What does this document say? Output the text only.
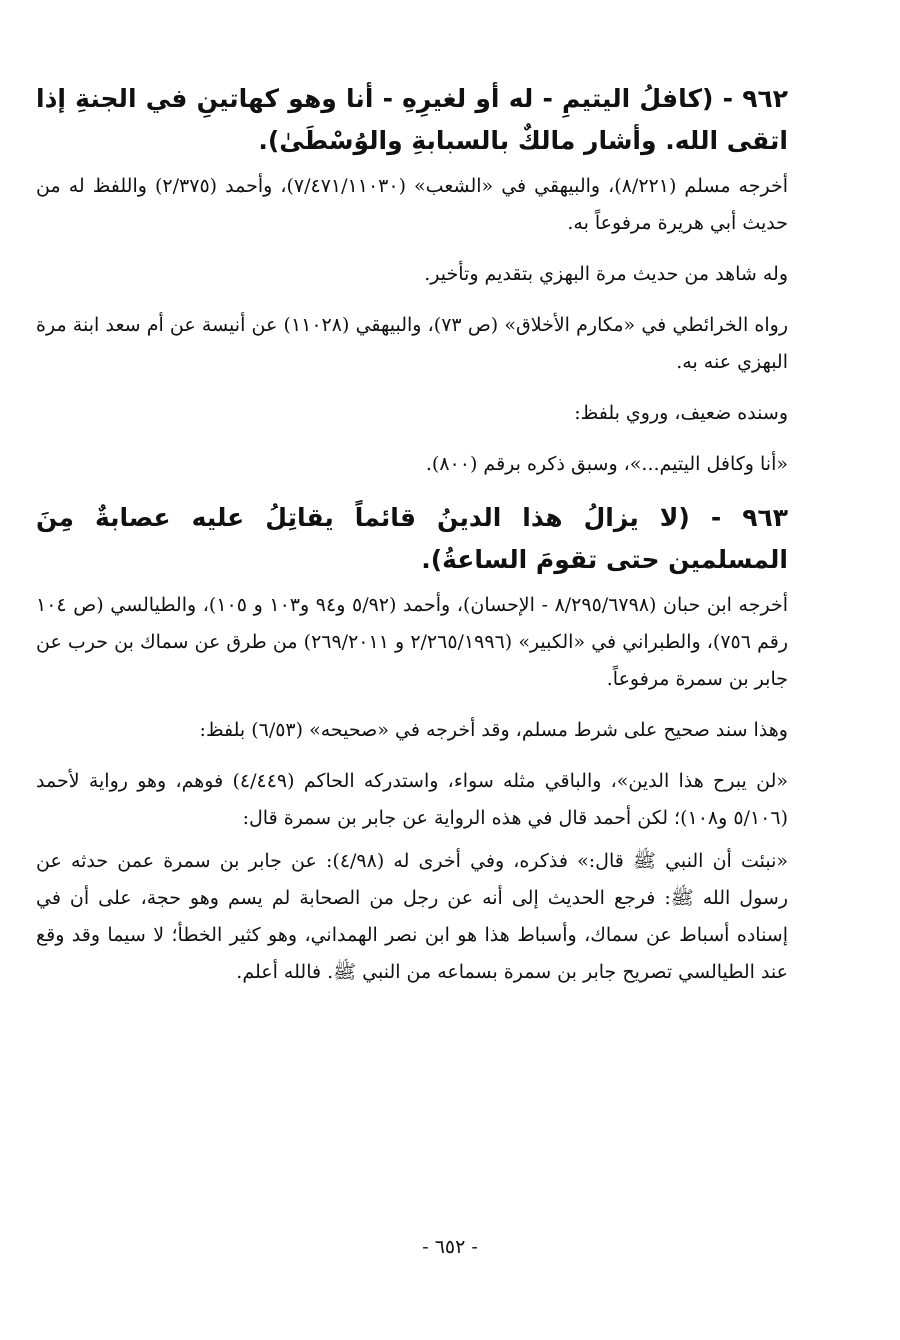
٩٦٢ - (كافلُ اليتيمِ - له أو لغيرِهِ - أنا وهو كهاتينِ في الجنةِ إذا اتقى الله. وأشار مالكٌ بالسبابةِ والوُسْطَىٰ).
أخرجه مسلم (٨/٢٢١)، والبيهقي في «الشعب» (٧/٤٧١/١١٠٣٠)، وأحمد (٢/٣٧٥) واللفظ له من حديث أبي هريرة مرفوعاً به.
وله شاهد من حديث مرة البهزي بتقديم وتأخير.
رواه الخرائطي في «مكارم الأخلاق» (ص ٧٣)، والبيهقي (١١٠٢٨) عن أنيسة عن أم سعد ابنة مرة البهزي عنه به.
وسنده ضعيف، وروي بلفظ:
«أنا وكافل اليتيم...»، وسبق ذكره برقم (٨٠٠).
٩٦٣ - (لا يزالُ هذا الدينُ قائماً يقاتِلُ عليه عصابةٌ مِنَ المسلمين حتى تقومَ الساعةُ).
أخرجه ابن حبان (٨/٢٩٥/٦٧٩٨ - الإحسان)، وأحمد (٥/٩٢ و٩٤ و١٠٣ و ١٠٥)، والطيالسي (ص ١٠٤ رقم ٧٥٦)، والطبراني في «الكبير» (٢/٢٦٥/١٩٩٦ و ٢٦٩/٢٠١١) من طرق عن سماك بن حرب عن جابر بن سمرة مرفوعاً.
وهذا سند صحيح على شرط مسلم، وقد أخرجه في «صحيحه» (٦/٥٣) بلفظ:
«لن يبرح هذا الدين»، والباقي مثله سواء، واستدركه الحاكم (٤/٤٤٩) فوهم، وهو رواية لأحمد (٥/١٠٦ و١٠٨)؛ لكن أحمد قال في هذه الرواية عن جابر بن سمرة قال:
«نبئت أن النبي ﷺ قال:» فذكره، وفي أخرى له (٤/٩٨): عن جابر بن سمرة عمن حدثه عن رسول الله ﷺ: فرجع الحديث إلى أنه عن رجل من الصحابة لم يسم وهو حجة، على أن في إسناده أسباط عن سماك، وأسباط هذا هو ابن نصر الهمداني، وهو كثير الخطأ؛ لا سيما وقد وقع عند الطيالسي تصريح جابر بن سمرة بسماعه من النبي ﷺ. فالله أعلم.
- ٦٥٢ -
